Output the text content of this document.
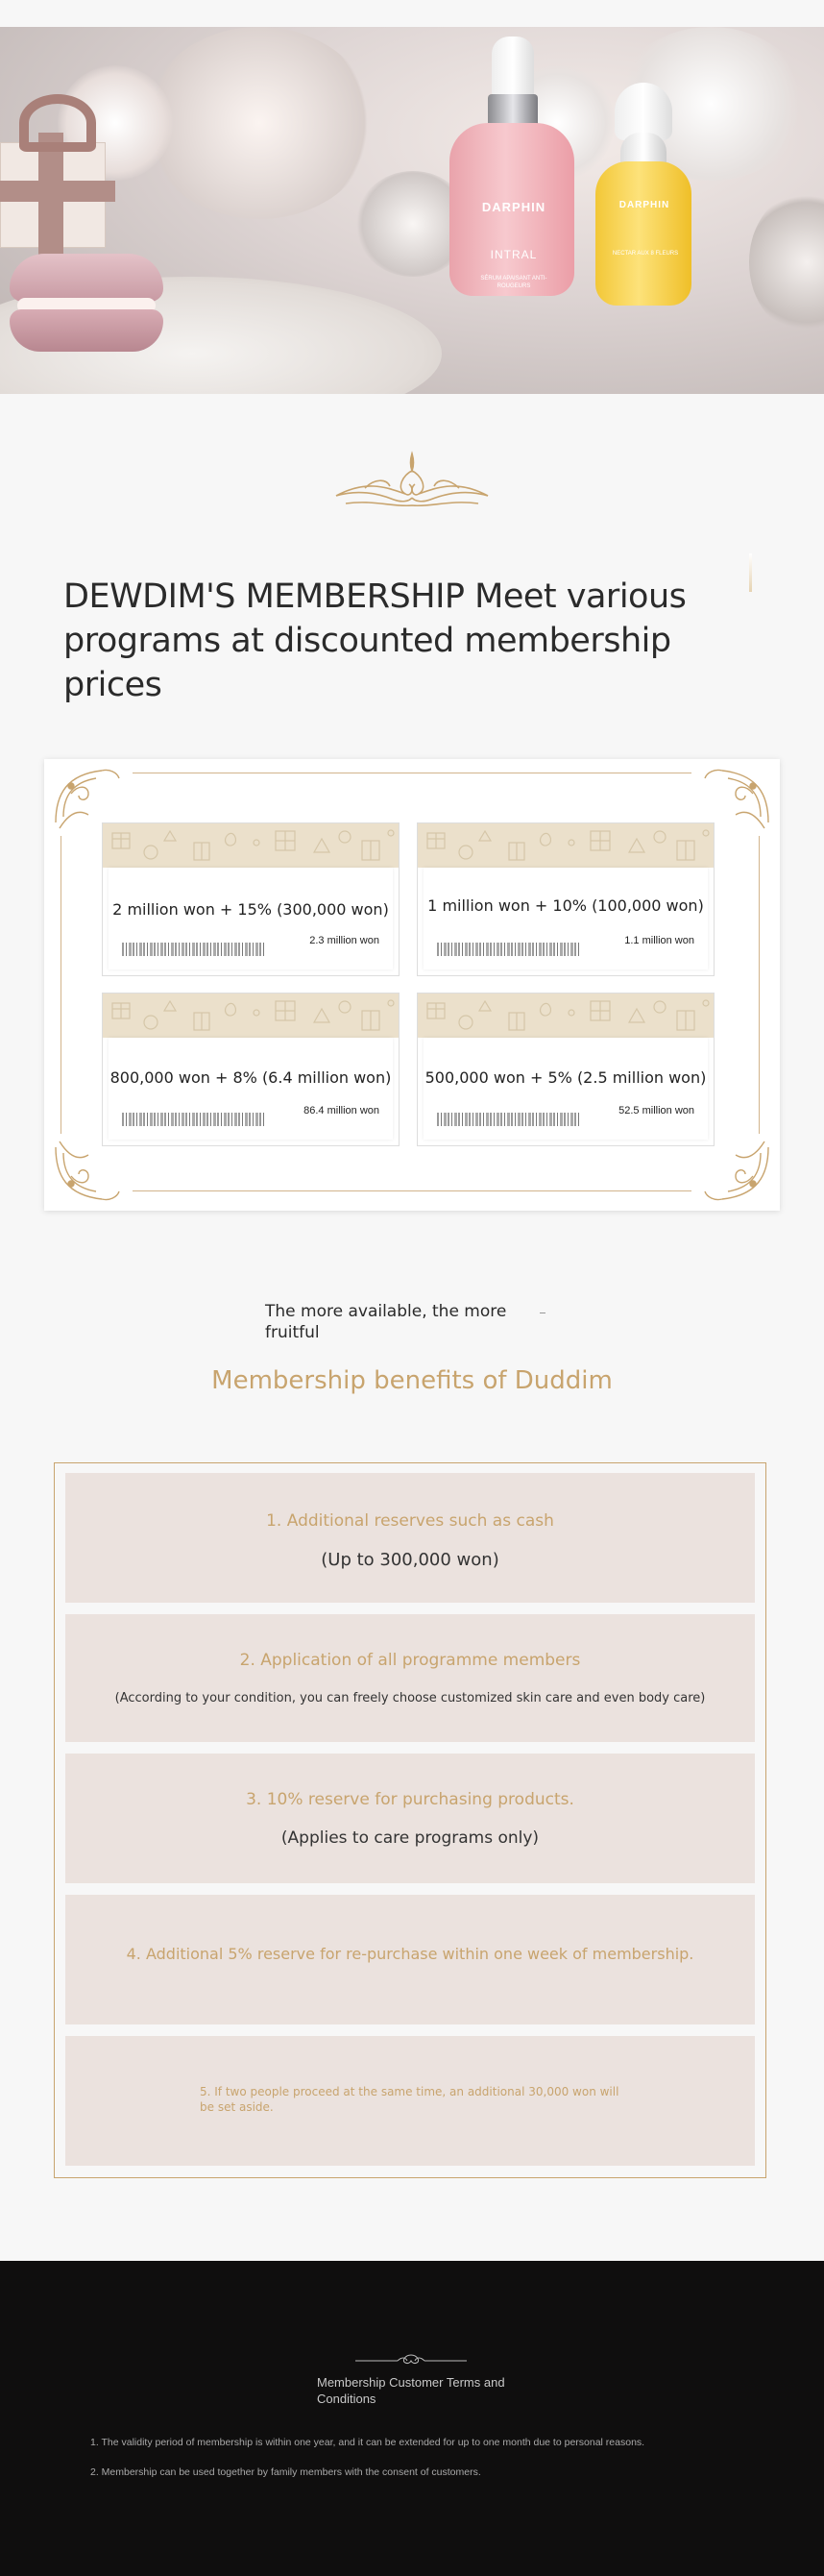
DARPHIN
INTRAL
SÉRUM APAISANT ANTI-ROUGEURS
DARPHIN
NECTAR AUX 8 FLEURS
DEWDIM'S MEMBERSHIP Meet various programs at discounted membership prices
2 million won + 15% (300,000 won)
2.3 million won
1 million won + 10% (100,000 won)
1.1 million won
800,000 won + 8% (6.4 million won)
86.4 million won
500,000 won + 5% (2.5 million won)
52.5 million won
The more available, the more fruitful
Membership benefits of Duddim
1. Additional reserves such as cash
(Up to 300,000 won)
2. Application of all programme members
(According to your condition, you can freely choose customized skin care and even body care)
3. 10% reserve for purchasing products.
(Applies to care programs only)
4. Additional 5% reserve for re-purchase within one week of membership.
5. If two people proceed at the same time, an additional 30,000 won will be set aside.
Membership Customer Terms and Conditions
1. The validity period of membership is within one year, and it can be extended for up to one month due to personal reasons.
2. Membership can be used together by family members with the consent of customers.
